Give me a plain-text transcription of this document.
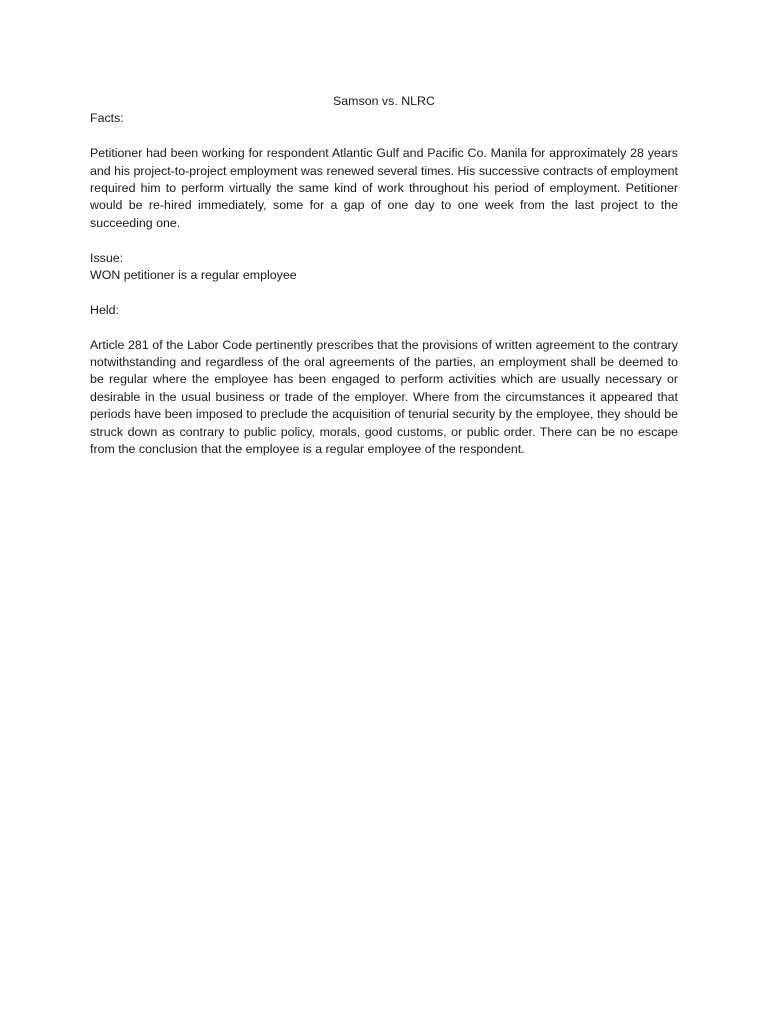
Samson vs. NLRC

Facts:

Petitioner had been working for respondent Atlantic Gulf and Pacific Co. Manila for approximately 28 years and his project-to-project employment was renewed several times. His successive contracts of employment required him to perform virtually the same kind of work throughout his period of employment. Petitioner would be re-hired immediately, some for a gap of one day to one week from the last project to the succeeding one.

Issue:

WON petitioner is a regular employee

Held:

Article 281 of the Labor Code pertinently prescribes that the provisions of written agreement to the contrary notwithstanding and regardless of the oral agreements of the parties, an employment shall be deemed to be regular where the employee has been engaged to perform activities which are usually necessary or desirable in the usual business or trade of the employer. Where from the circumstances it appeared that periods have been imposed to preclude the acquisition of tenurial security by the employee, they should be struck down as contrary to public policy, morals, good customs, or public order. There can be no escape from the conclusion that the employee is a regular employee of the respondent.
